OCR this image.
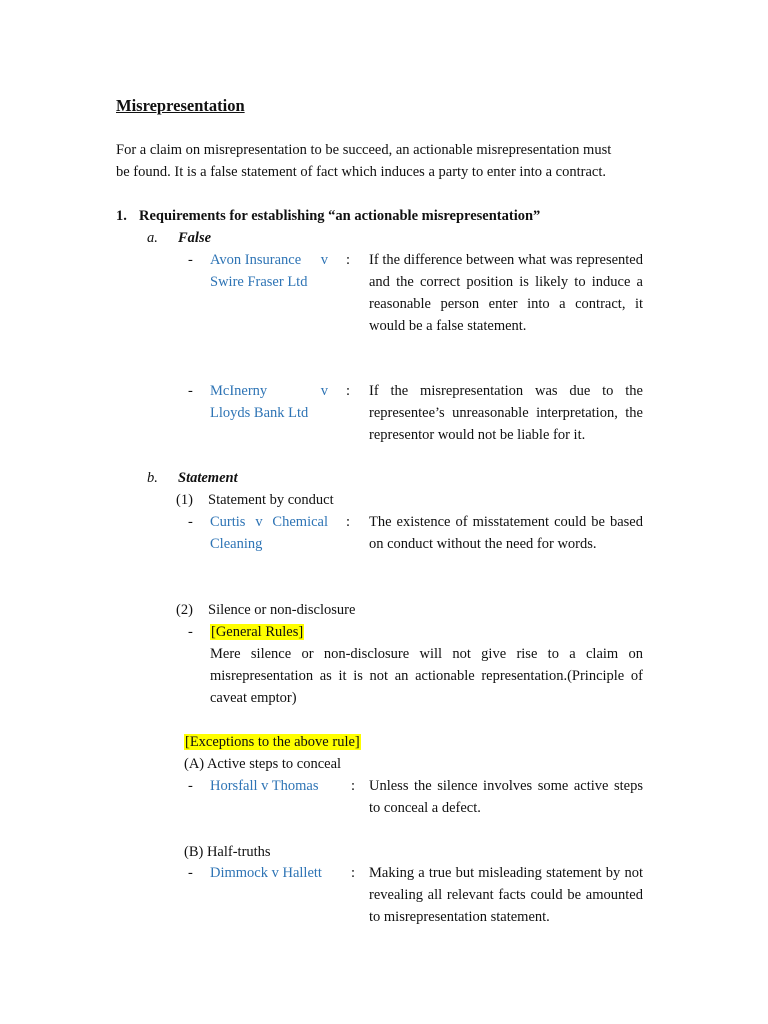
Misrepresentation
For a claim on misrepresentation to be succeed, an actionable misrepresentation must
be found. It is a false statement of fact which induces a party to enter into a contract.
1. Requirements for establishing “an actionable misrepresentation”
a. False
- Avon Insurance v
Swire Fraser Ltd
: If the difference between what was represented and the correct position is likely to induce a reasonable person enter into a contract, it would be a false statement.
- McInerny	v
Lloyds Bank Ltd
: If the misrepresentation was due to the representee’s unreasonable interpretation, the representor would not be liable for it.
b. Statement
(1) Statement by conduct
- Curtis v Chemical Cleaning
: The existence of misstatement could be based on conduct without the need for words.
(2) Silence or non-disclosure
- [General Rules]
Mere silence or non-disclosure will not give rise to a claim on misrepresentation as it is not an actionable representation.(Principle of caveat emptor)
[Exceptions to the above rule]
(A) Active steps to conceal
- Horsfall v Thomas : Unless the silence involves some active steps to conceal a defect.
(B) Half-truths
- Dimmock v Hallett : Making a true but misleading statement by not revealing all relevant facts could be amounted to misrepresentation statement.
